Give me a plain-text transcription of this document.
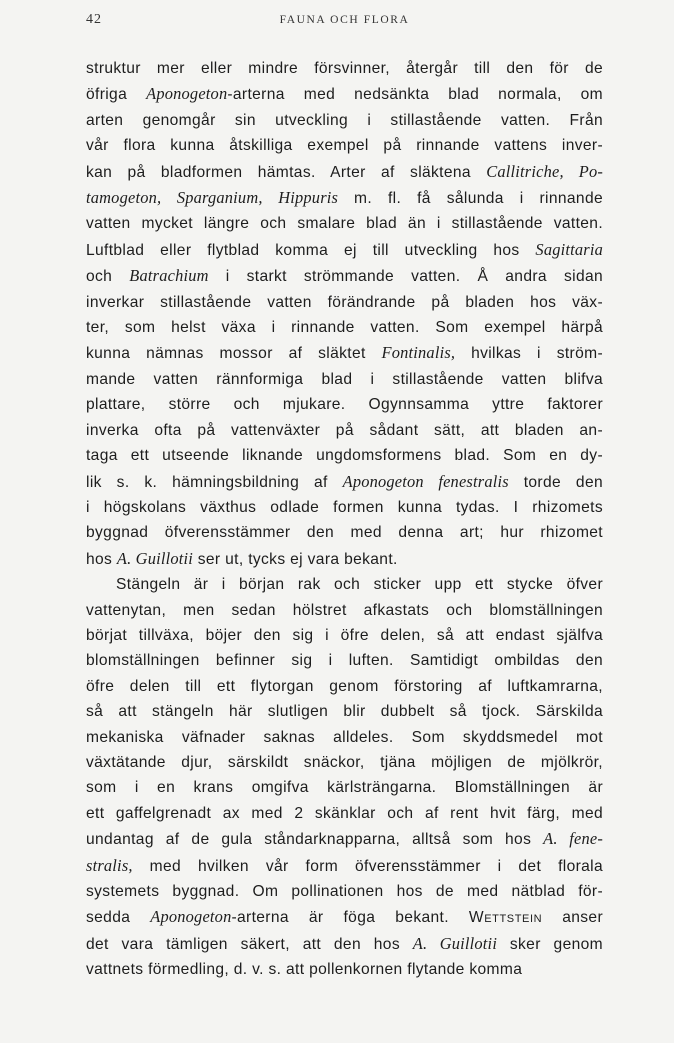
42	FAUNA OCH FLORA
struktur mer eller mindre försvinner, återgår till den för de
öfriga Aponogeton-arterna med nedsänkta blad normala, om
arten genomgår sin utveckling i stillastående vatten. Från
vår flora kunna åtskilliga exempel på rinnande vattens inver-
kan på bladformen hämtas. Arter af släktena Callitriche, Po-
tamogeton, Sparganium, Hippuris m. fl. få sålunda i rinnande
vatten mycket längre och smalare blad än i stillastående vatten.
Luftblad eller flytblad komma ej till utveckling hos Sagittaria
och Batrachium i starkt strömmande vatten. Å andra sidan
inverkar stillastående vatten förändrande på bladen hos väx-
ter, som helst växa i rinnande vatten. Som exempel härpå
kunna nämnas mossor af släktet Fontinalis, hvilkas i ström-
mande vatten rännformiga blad i stillastående vatten blifva
plattare, större och mjukare. Ogynnsamma yttre faktorer
inverka ofta på vattenväxter på sådant sätt, att bladen an-
taga ett utseende liknande ungdomsformens blad. Som en dy-
lik s. k. hämningsbildning af Aponogeton fenestralis torde den
i högskolans växthus odlade formen kunna tydas. I rhizomets
byggnad öfverensstämmer den med denna art; hur rhizomet
hos A. Guillotii ser ut, tycks ej vara bekant.
Stängeln är i början rak och sticker upp ett stycke öfver
vattenytan, men sedan hölstret afkastats och blomställningen
börjat tillväxa, böjer den sig i öfre delen, så att endast själfva
blomställningen befinner sig i luften. Samtidigt ombildas den
öfre delen till ett flytorgan genom förstoring af luftkamrarna,
så att stängeln här slutligen blir dubbelt så tjock. Särskilda
mekaniska väfnader saknas alldeles. Som skyddsmedel mot
växtätande djur, särskildt snäckor, tjäna möjligen de mjölkrör,
som i en krans omgifva kärlsträngarna. Blomställningen är
ett gaffelgrenadt ax med 2 skänklar och af rent hvit färg, med
undantag af de gula ståndarknapparna, alltså som hos A. fene-
stralis, med hvilken vår form öfverensstämmer i det florala
systemets byggnad. Om pollinationen hos de med nätblad för-
sedda Aponogeton-arterna är föga bekant. Wettstein anser
det vara tämligen säkert, att den hos A. Guillotii sker genom
vattnets förmedling, d. v. s. att pollenkornen flytande komma
